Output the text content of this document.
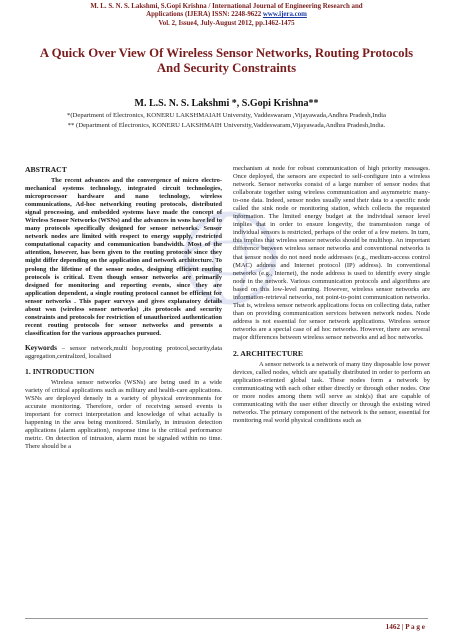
M. L. S. N. S. Lakshmi, S.Gopi Krishna / International Journal of Engineering Research and
Applications (IJERA) ISSN: 2248-9622 www.ijera.com
Vol. 2, Issue4, July-August 2012, pp.1462-1475
A Quick Over View Of Wireless Sensor Networks, Routing Protocols And Security Constraints
M. L.S. N. S. Lakshmi *, S.Gopi Krishna**
*(Department of Electronics, KONERU LAKSHMAIAH University, Vaddeswaram ,Vijayawada,Andhra Pradesh,India
** (Department of Electronics, KONERU LAKSHMAIH University,Vaddeswaram,Vijayawada,Andhra Pradesh,India.
ABSTRACT

The recent advances and the convergence of micro electro-mechanical systems technology, integrated circuit technologies, microprocessor hardware and nano technology, wireless communications, Ad-hoc networking routing protocols, distributed signal processing, and embedded systems have made the concept of Wireless Sensor Networks (WSNs) and the advances in wsns have led to many protocols specifically designed for sensor networks. Sensor network nodes are limited with respect to energy supply, restricted computational capacity and communication bandwidth. Most of the attention, however, has been given to the routing protocols since they might differ depending on the application and network architecture. To prolong the lifetime of the sensor nodes, designing efficient routing protocols is critical. Even though sensor networks are primarily designed for monitoring and reporting events, since they are application dependent, a single routing protocol cannot be efficient for sensor networks . This paper surveys and gives explanatory details about wsn (wireless sensor networks) ,its protocols and security constraints and protocols for restriction of unauthorized authentication recent routing protocols for sensor networks and presents a classification for the various approaches pursued.

Keywords – sensor network,multi hop,routing protocol,security,data aggregation,centralized, localised

1. INTRODUCTION

Wireless sensor networks (WSNs) are being used in a wide variety of critical applications such as military and health-care applications. WSNs are deployed densely in a variety of physical environments for accurate monitoring. Therefore, order of receiving sensed events is important for correct interpretation and knowledge of what actually is happening in the area being monitored. Similarly, in intrusion detection applications (alarm application), response time is the critical performance metric. On detection of intrusion, alarm must be signaled within no time. There should be a

mechanism at node for robust communication of high priority messages. Once deployed, the sensors are expected to self-configure into a wireless network. Sensor networks consist of a large number of sensor nodes that collaborate together using wireless communication and asymmetric many-to-one data. Indeed, sensor nodes usually send their data to a specific node called the sink node or monitoring station, which collects the requested information. The limited energy budget at the individual sensor level implies that in order to ensure longevity, the transmission range of individual sensors is restricted, perhaps of the order of a few meters. In turn, this implies that wireless sensor networks should be multihop. An important difference between wireless sensor networks and conventional networks is that sensor nodes do not need node addresses (e.g., medium-access control (MAC) address and Internet protocol (IP) address). In conventional networks (e.g., Internet), the node address is used to identify every single node in the network. Various communication protocols and algorithms are based on this low-level naming. However, wireless sensor networks are information-retrieval networks, not point-to-point communication networks. That is, wireless sensor network applications focus on collecting data, rather than on providing communication services between network nodes. Node address is not essential for sensor network applications. Wireless sensor networks are a special case of ad hoc networks. However, there are several major differences between wireless sensor networks and ad hoc networks.

2. ARCHITECTURE

A sensor network is a network of many tiny disposable low power devices, called nodes, which are spatially distributed in order to perform an application-oriented global task. These nodes form a network by communicating with each other either directly or through other nodes. One or more nodes among them will serve as sink(s) that are capable of communicating with the user either directly or through the existing wired networks. The primary component of the network is the sensor, essential for monitoring real world physical conditions such as

1462 | P a g e
